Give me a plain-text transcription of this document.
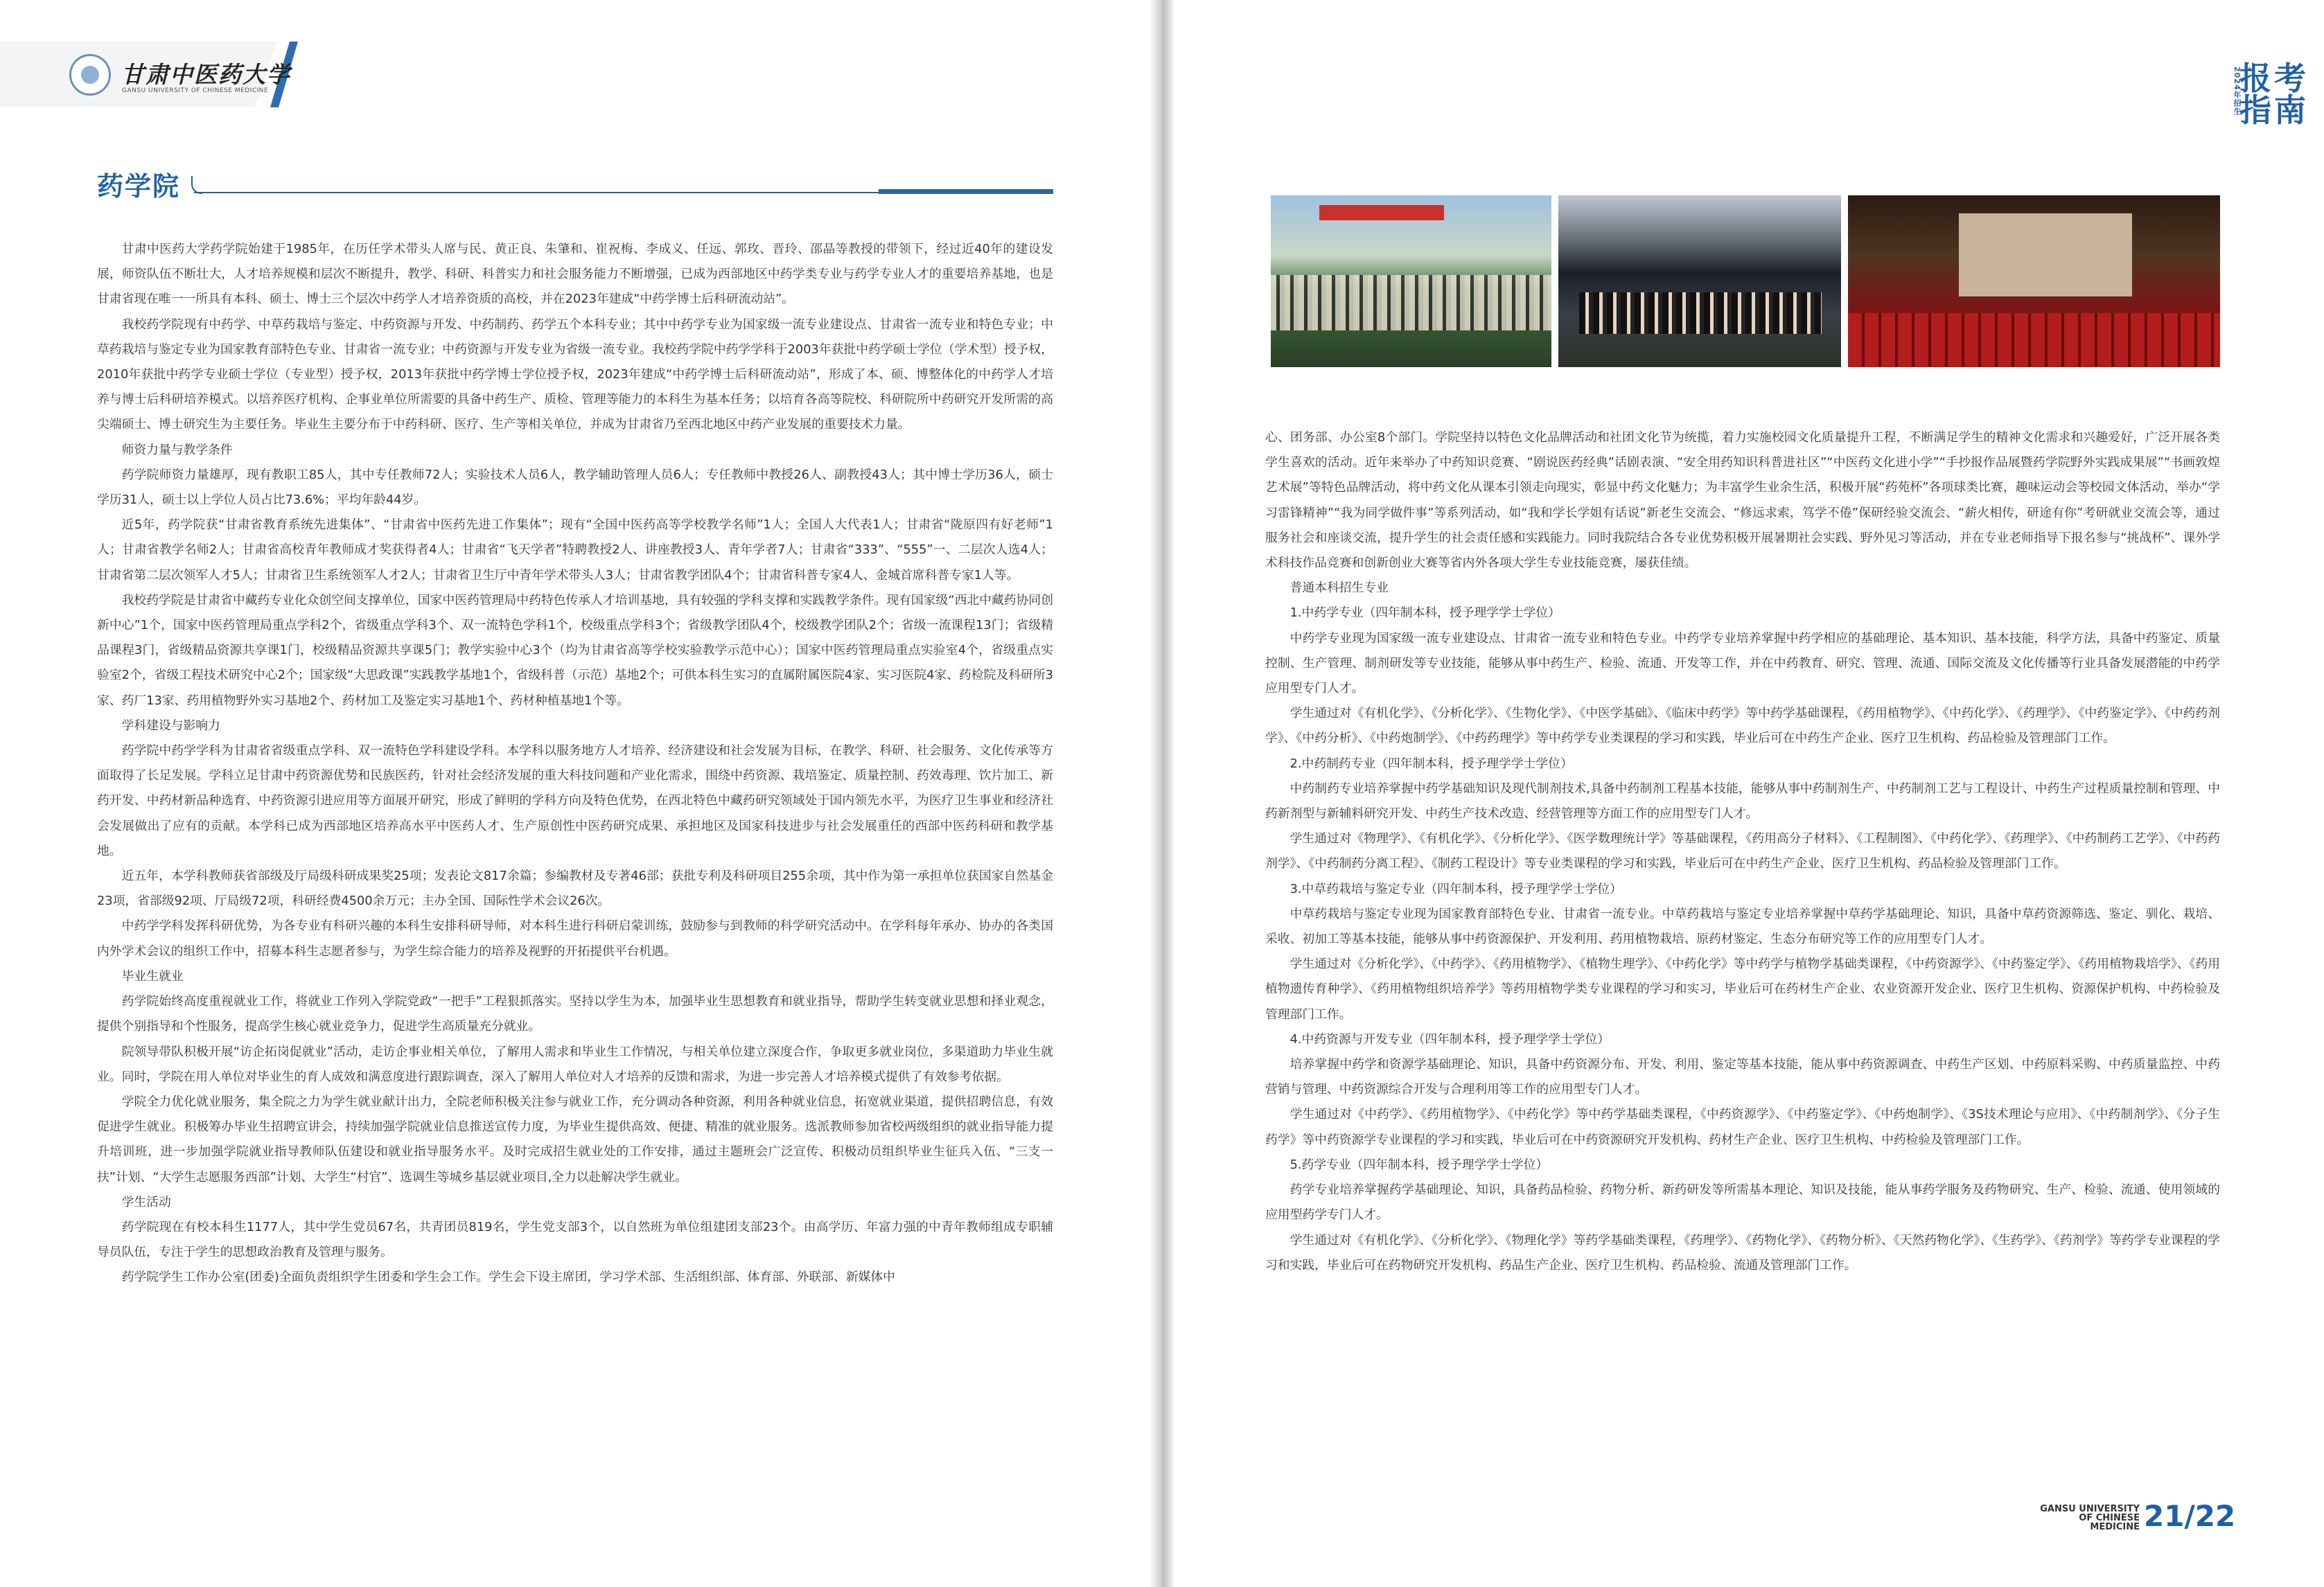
甘肃中医药大学
GANSU UNIVERSITY OF CHINESE MEDICINE
药学院

甘肃中医药大学药学院始建于1985年，在历任学术带头人席与民、黄正良、朱肇和、崔祝梅、李成义、任远、郭玫、晋玲、邵晶等教授的带领下，经过近40年的建设发展，师资队伍不断壮大，人才培养规模和层次不断提升，教学、科研、科普实力和社会服务能力不断增强，已成为西部地区中药学类专业与药学专业人才的重要培养基地，也是甘肃省现在唯一一所具有本科、硕士、博士三个层次中药学人才培养资质的高校，并在2023年建成“中药学博士后科研流动站”。

我校药学院现有中药学、中草药栽培与鉴定、中药资源与开发、中药制药、药学五个本科专业；其中中药学专业为国家级一流专业建设点、甘肃省一流专业和特色专业；中草药栽培与鉴定专业为国家教育部特色专业、甘肃省一流专业；中药资源与开发专业为省级一流专业。我校药学院中药学学科于2003年获批中药学硕士学位（学术型）授予权，2010年获批中药学专业硕士学位（专业型）授予权，2013年获批中药学博士学位授予权，2023年建成“中药学博士后科研流动站”，形成了本、硕、博整体化的中药学人才培养与博士后科研培养模式。以培养医疗机构、企事业单位所需要的具备中药生产、质检、管理等能力的本科生为基本任务；以培育各高等院校、科研院所中药研究开发所需的高尖端硕士、博士研究生为主要任务。毕业生主要分布于中药科研、医疗、生产等相关单位，并成为甘肃省乃至西北地区中药产业发展的重要技术力量。

师资力量与教学条件

药学院师资力量雄厚，现有教职工85人，其中专任教师72人；实验技术人员6人，教学辅助管理人员6人；专任教师中教授26人、副教授43人；其中博士学历36人，硕士学历31人，硕士以上学位人员占比73.6%；平均年龄44岁。

近5年，药学院获“甘肃省教育系统先进集体”、“甘肃省中医药先进工作集体”；现有“全国中医药高等学校教学名师”1人；全国人大代表1人；甘肃省“陇原四有好老师”1人；甘肃省教学名师2人；甘肃省高校青年教师成才奖获得者4人；甘肃省“飞天学者”特聘教授2人、讲座教授3人、青年学者7人；甘肃省“333”、“555”一、二层次人选4人；甘肃省第二层次领军人才5人；甘肃省卫生系统领军人才2人；甘肃省卫生厅中青年学术带头人3人；甘肃省教学团队4个；甘肃省科普专家4人、金城首席科普专家1人等。

我校药学院是甘肃省中藏药专业化众创空间支撑单位，国家中医药管理局中药特色传承人才培训基地，具有较强的学科支撑和实践教学条件。现有国家级“西北中藏药协同创新中心”1个，国家中医药管理局重点学科2个，省级重点学科3个、双一流特色学科1个，校级重点学科3个；省级教学团队4个，校级教学团队2个；省级一流课程13门；省级精品课程3门，省级精品资源共享课1门，校级精品资源共享课5门；教学实验中心3个（均为甘肃省高等学校实验教学示范中心）；国家中医药管理局重点实验室4个，省级重点实验室2个，省级工程技术研究中心2个；国家级“大思政课”实践教学基地1个，省级科普（示范）基地2个；可供本科生实习的直属附属医院4家、实习医院4家、药检院及科研所3家、药厂13家、药用植物野外实习基地2个、药材加工及鉴定实习基地1个、药材种植基地1个等。

学科建设与影响力

药学院中药学学科为甘肃省省级重点学科、双一流特色学科建设学科。本学科以服务地方人才培养、经济建设和社会发展为目标，在教学、科研、社会服务、文化传承等方面取得了长足发展。学科立足甘肃中药资源优势和民族医药，针对社会经济发展的重大科技问题和产业化需求，围绕中药资源、栽培鉴定、质量控制、药效毒理、饮片加工、新药开发、中药材新品种选育、中药资源引进应用等方面展开研究，形成了鲜明的学科方向及特色优势，在西北特色中藏药研究领域处于国内领先水平，为医疗卫生事业和经济社会发展做出了应有的贡献。本学科已成为西部地区培养高水平中医药人才、生产原创性中医药研究成果、承担地区及国家科技进步与社会发展重任的西部中医药科研和教学基地。

近五年，本学科教师获省部级及厅局级科研成果奖25项；发表论文817余篇；参编教材及专著46部；获批专利及科研项目255余项，其中作为第一承担单位获国家自然基金23项，省部级92项、厅局级72项，科研经费4500余万元；主办全国、国际性学术会议26次。

中药学学科发挥科研优势，为各专业有科研兴趣的本科生安排科研导师，对本科生进行科研启蒙训练，鼓励参与到教师的科学研究活动中。在学科每年承办、协办的各类国内外学术会议的组织工作中，招募本科生志愿者参与，为学生综合能力的培养及视野的开拓提供平台机遇。

毕业生就业

药学院始终高度重视就业工作，将就业工作列入学院党政“一把手”工程狠抓落实。坚持以学生为本，加强毕业生思想教育和就业指导，帮助学生转变就业思想和择业观念，提供个别指导和个性服务，提高学生核心就业竞争力，促进学生高质量充分就业。

院领导带队积极开展“访企拓岗促就业”活动，走访企事业相关单位，了解用人需求和毕业生工作情况，与相关单位建立深度合作，争取更多就业岗位，多渠道助力毕业生就业。同时，学院在用人单位对毕业生的育人成效和满意度进行跟踪调查，深入了解用人单位对人才培养的反馈和需求，为进一步完善人才培养模式提供了有效参考依据。

学院全力优化就业服务，集全院之力为学生就业献计出力，全院老师积极关注参与就业工作，充分调动各种资源，利用各种就业信息，拓宽就业渠道，提供招聘信息，有效促进学生就业。积极筹办毕业生招聘宣讲会，持续加强学院就业信息推送宣传力度，为毕业生提供高效、便捷、精准的就业服务。选派教师参加省校两级组织的就业指导能力提升培训班，进一步加强学院就业指导教师队伍建设和就业指导服务水平。及时完成招生就业处的工作安排，通过主题班会广泛宣传、积极动员组织毕业生征兵入伍、“三支一扶”计划、“大学生志愿服务西部”计划、大学生“村官”、选调生等城乡基层就业项目,全力以赴解决学生就业。

学生活动

药学院现在有校本科生1177人，其中学生党员67名，共青团员819名，学生党支部3个，以自然班为单位组建团支部23个。由高学历、年富力强的中青年教师组成专职辅导员队伍，专注于学生的思想政治教育及管理与服务。

药学院学生工作办公室(团委)全面负责组织学生团委和学生会工作。学生会下设主席团，学习学术部、生活组织部、体育部、外联部、新媒体中

2024年招生
报考指南

心、团务部、办公室8个部门。学院坚持以特色文化品牌活动和社团文化节为统揽，着力实施校园文化质量提升工程，不断满足学生的精神文化需求和兴趣爱好，广泛开展各类学生喜欢的活动。近年来举办了中药知识竞赛、“剧说医药经典”话剧表演、“安全用药知识科普进社区”“中医药文化进小学”“手抄报作品展暨药学院野外实践成果展”“书画敦煌艺术展”等特色品牌活动，将中药文化从课本引领走向现实，彰显中药文化魅力；为丰富学生业余生活，积极开展“药苑杯”各项球类比赛，趣味运动会等校园文体活动，举办“学习雷锋精神”“我为同学做件事”等系列活动，如“我和学长学姐有话说”新老生交流会、“修远求索，笃学不倦”保研经验交流会、“薪火相传，研途有你”考研就业交流会等，通过服务社会和座谈交流，提升学生的社会责任感和实践能力。同时我院结合各专业优势积极开展暑期社会实践、野外见习等活动，并在专业老师指导下报名参与“挑战杯”、课外学术科技作品竞赛和创新创业大赛等省内外各项大学生专业技能竞赛，屡获佳绩。

普通本科招生专业

1.中药学专业（四年制本科，授予理学学士学位）

中药学专业现为国家级一流专业建设点、甘肃省一流专业和特色专业。中药学专业培养掌握中药学相应的基础理论、基本知识、基本技能，科学方法，具备中药鉴定、质量控制、生产管理、制剂研发等专业技能，能够从事中药生产、检验、流通、开发等工作，并在中药教育、研究、管理、流通、国际交流及文化传播等行业具备发展潜能的中药学应用型专门人才。

学生通过对《有机化学》、《分析化学》、《生物化学》、《中医学基础》、《临床中药学》等中药学基础课程，《药用植物学》、《中药化学》、《药理学》、《中药鉴定学》、《中药药剂学》、《中药分析》、《中药炮制学》、《中药药理学》等中药学专业类课程的学习和实践，毕业后可在中药生产企业、医疗卫生机构、药品检验及管理部门工作。

2.中药制药专业（四年制本科，授予理学学士学位）

中药制药专业培养掌握中药学基础知识及现代制剂技术,具备中药制剂工程基本技能，能够从事中药制剂生产、中药制剂工艺与工程设计、中药生产过程质量控制和管理、中药新剂型与新辅料研究开发、中药生产技术改造、经营管理等方面工作的应用型专门人才。

学生通过对《物理学》、《有机化学》、《分析化学》、《医学数理统计学》等基础课程，《药用高分子材料》、《工程制图》、《中药化学》、《药理学》、《中药制药工艺学》、《中药药剂学》、《中药制药分离工程》、《制药工程设计》等专业类课程的学习和实践，毕业后可在中药生产企业、医疗卫生机构、药品检验及管理部门工作。

3.中草药栽培与鉴定专业（四年制本科，授予理学学士学位）

中草药栽培与鉴定专业现为国家教育部特色专业、甘肃省一流专业。中草药栽培与鉴定专业培养掌握中草药学基础理论、知识，具备中草药资源筛选、鉴定、驯化、栽培、采收、初加工等基本技能，能够从事中药资源保护、开发利用、药用植物栽培、原药材鉴定、生态分布研究等工作的应用型专门人才。

学生通过对《分析化学》、《中药学》、《药用植物学》、《植物生理学》、《中药化学》等中药学与植物学基础类课程，《中药资源学》、《中药鉴定学》、《药用植物栽培学》、《药用植物遗传育种学》、《药用植物组织培养学》等药用植物学类专业课程的学习和实习，毕业后可在药材生产企业、农业资源开发企业、医疗卫生机构、资源保护机构、中药检验及管理部门工作。

4.中药资源与开发专业（四年制本科，授予理学学士学位）

培养掌握中药学和资源学基础理论、知识，具备中药资源分布、开发、利用、鉴定等基本技能，能从事中药资源调查、中药生产区划、中药原料采购、中药质量监控、中药营销与管理、中药资源综合开发与合理利用等工作的应用型专门人才。

学生通过对《中药学》、《药用植物学》、《中药化学》等中药学基础类课程，《中药资源学》、《中药鉴定学》、《中药炮制学》、《3S技术理论与应用》、《中药制剂学》、《分子生药学》等中药资源学专业课程的学习和实践，毕业后可在中药资源研究开发机构、药材生产企业、医疗卫生机构、中药检验及管理部门工作。

5.药学专业（四年制本科，授予理学学士学位）

药学专业培养掌握药学基础理论、知识，具备药品检验、药物分析、新药研发等所需基本理论、知识及技能，能从事药学服务及药物研究、生产、检验、流通、使用领域的应用型药学专门人才。

学生通过对《有机化学》、《分析化学》、《物理化学》等药学基础类课程，《药理学》、《药物化学》、《药物分析》、《天然药物化学》、《生药学》、《药剂学》等药学专业课程的学习和实践，毕业后可在药物研究开发机构、药品生产企业、医疗卫生机构、药品检验、流通及管理部门工作。

GANSU UNIVERSITY
OF CHINESE MEDICINE 21/22
